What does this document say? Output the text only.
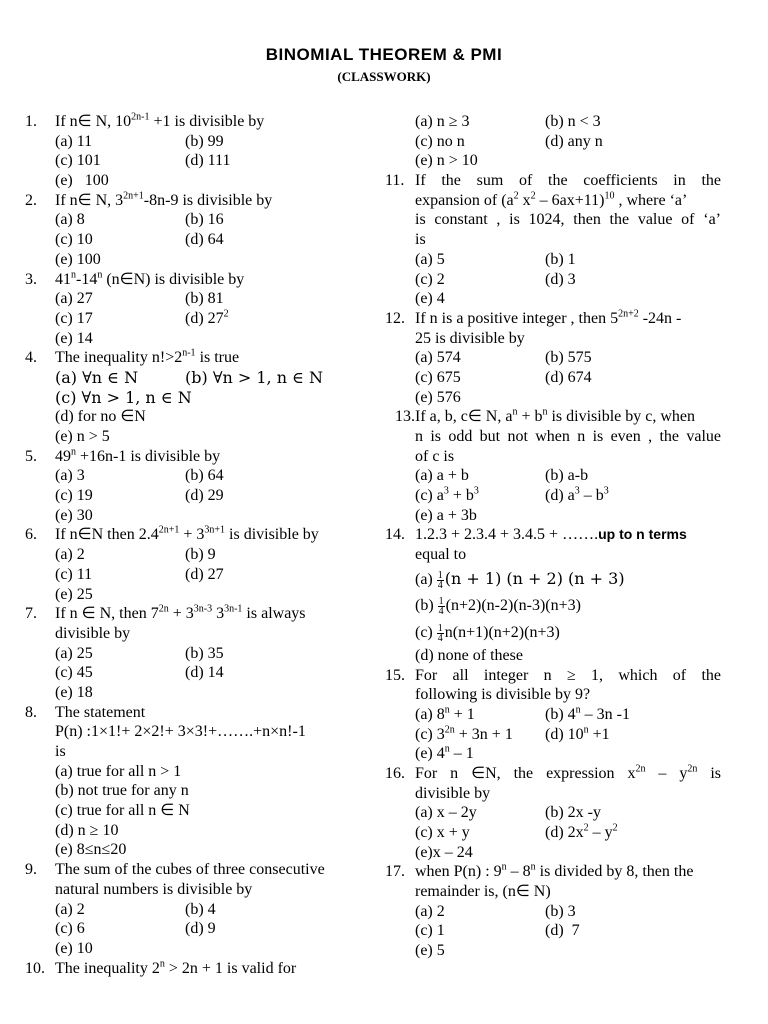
BINOMIAL THEOREM & PMI
(CLASSWORK)
1. If n∈ N, $10^{2n-1} +1$ is divisible by
(a) 11	(b) 99
(c) 101	(d) 111
(e)   100
2. If n∈ N, $3^{2n+1}-8n-9$ is divisible by
(a) 8	(b) 16
(c) 10	(d) 64
(e) 100
3. 41$^n$-14$^n$ (n∈N) is divisible by
(a) 27	(b) 81
(c) 17	(d) $27^2$
(e) 14
4. The inequality $n!>2^{n-1}$ is true
(a) ∀n ∈ N	(b) ∀n > 1, n ∈ N
(c) ∀n > 1, n ∈ N
(d) for no ∈N
(e) n > 5
5. $49^n +16n-1$ is divisible by
(a) 3	(b) 64
(c) 19	(d) 29
(e) 30
6. If n∈N then $2.4^{2n+1} + 3^{3n+1}$ is divisible by
(a) 2	(b) 9
(c) 11	(d) 27
(e) 25
7. If n ∈ N, then $7^{2n} + 3^{3n-3}$ $3^{3n-1}$ is always
divisible by
(a) 25	(b) 35
(c) 45	(d) 14
(e) 18
8. The statement
P(n) :1×1!+ 2×2!+ 3×3!+…….+n×n!-1
is
(a) true for all n > 1
(b) not true for any n
(c) true for all n ∈ N
(d) n ≥ 10
(e) 8≤n≤20
9. The sum of the cubes of three consecutive
natural numbers is divisible by
(a) 2	(b) 4
(c) 6	(d) 9
(e) 10
10. The inequality $2^n > 2n + 1$ is valid for
(a) n ≥ 3	(b) n < 3
(c) no n	(d) any n
(e) n > 10
11. If the sum of the coefficients in the
expansion of ($a^2$ $x^2 - 6ax+11)^{10}$ , where ‘a’
is constant , is 1024, then the value of ‘a’
is
(a) 5	(b) 1
(c) 2	(d) 3
(e) 4
12. If n is a positive integer , then $5^{2n+2}$ -24n -
25 is divisible by
(a) 574	(b) 575
(c) 675	(d) 674
(e) 576
13. If a, b, c∈ N, $a^n + b^n$ is divisible by c, when
n is odd but not when n is even , the value
of c is
(a) a + b	(b) a-b
(c) $a^3 + b^3$	(d) $a^3 - b^3$
(e) a + 3b
14. 1.2.3 + 2.3.4 + 3.4.5 + …….up to n terms
equal to
$(a) \frac{1}{4} (n + 1) (n + 2) (n + 3)$
$(b) \frac{1}{4} (n+2)(n-2)(n-3)(n+3)$
$(c) \frac{1}{4} n(n+1)(n+2)(n+3)$
(d) none of these
15. For all integer n ≥ 1, which of the
following is divisible by 9?
(a) $8^n + 1$	(b) 4$^n$ – 3n -1
(c) $3^{2n} + 3n + 1$ (d) $10^n +1$
(e) 4$^n$ – 1
16. For n ∈N, the expression $x^{2n} - y^{2n}$ is
divisible by
(a) x – 2y	(b) 2x -y
(c) x + y	(d) $2x^2 - y^2$
(e)x – 24
17. when P(n) : 9$^n$ – 8$^n$ is divided by 8, then the
remainder is, (n∈ N)
(a) 2	(b) 3
(c) 1	(d)  7
(e) 5
